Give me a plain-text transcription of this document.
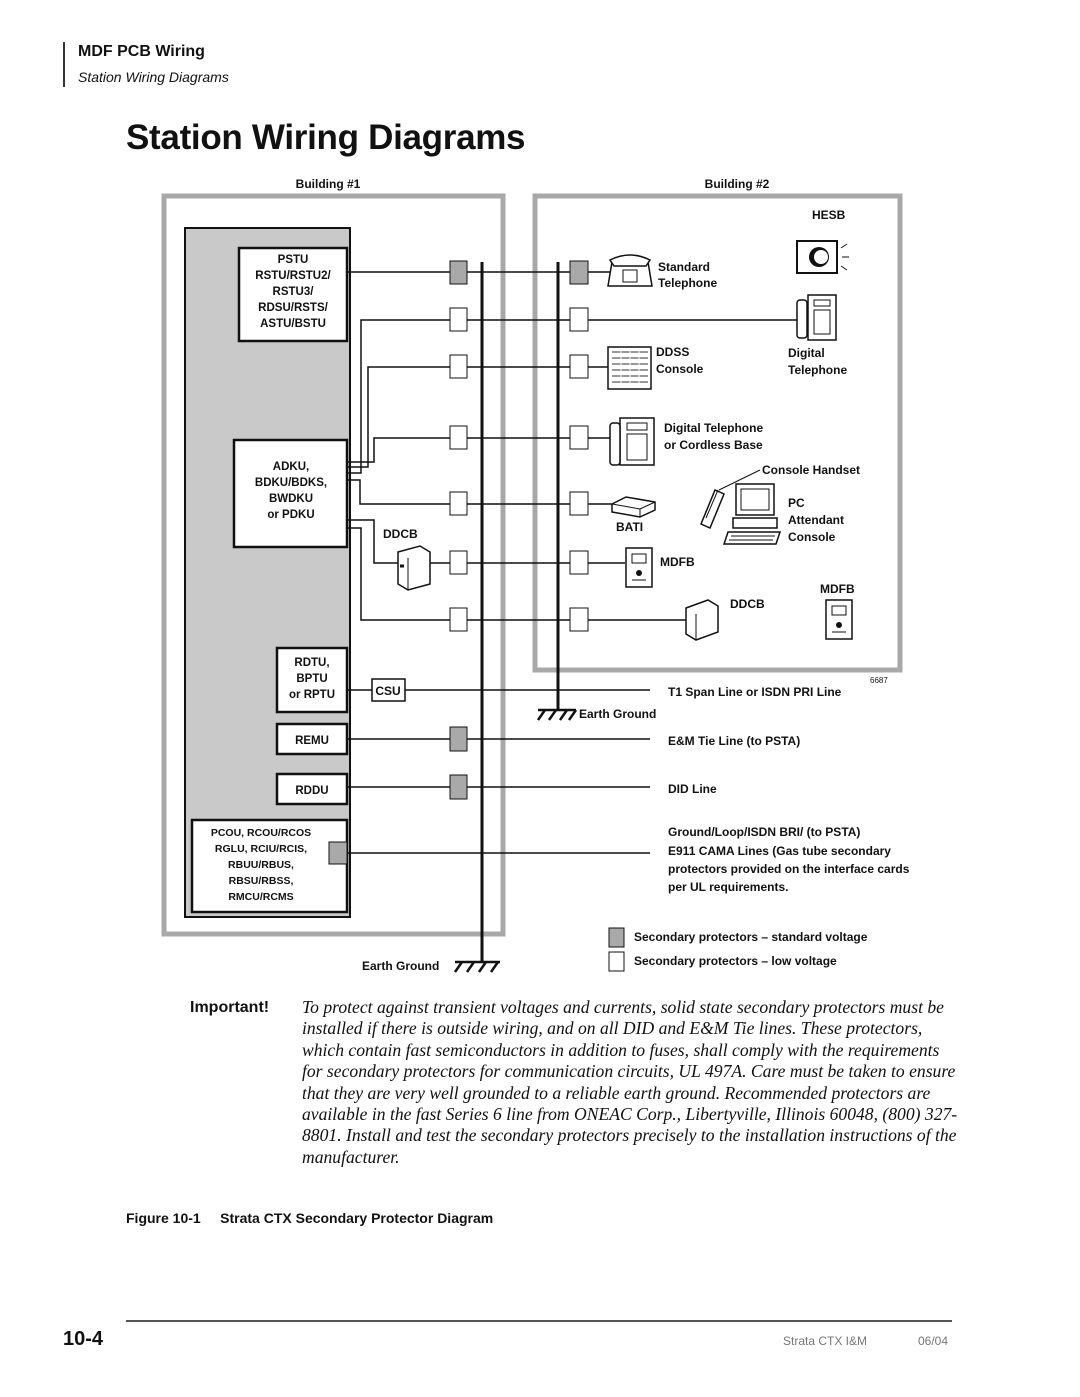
MDF PCB Wiring
Station Wiring Diagrams
Station Wiring Diagrams
Building #1	Building #2
PSTU
RSTU/RSTU2/
RSTU3/
RDSU/RSTS/
ASTU/BSTU
ADKU,
BDKU/BDKS,
BWDKU
or PDKU
RDTU,
BPTU
or RPTU
REMU
RDDU
PCOU, RCOU/RCOS
RGLU, RCIU/RCIS,
RBUU/RBUS,
RBSU/RBSS,
RMCU/RCMS
DDCB
CSU
Earth Ground
Earth Ground
HESB
Standard
Telephone
DDSS
Console
Digital
Telephone
Digital Telephone
or Cordless Base
Console Handset
PC
Attendant
Console
BATI
MDFB
MDFB
DDCB
6687
T1 Span Line or ISDN PRI Line
E&M Tie Line (to PSTA)
DID Line
Ground/Loop/ISDN BRI/ (to PSTA)
E911 CAMA Lines (Gas tube secondary
protectors provided on the interface cards
per UL requirements.
Secondary protectors – standard voltage
Secondary protectors – low voltage
Important! To protect against transient voltages and currents, solid state secondary protectors must be installed if there is outside wiring, and on all DID and E&M Tie lines. These protectors, which contain fast semiconductors in addition to fuses, shall comply with the requirements for secondary protectors for communication circuits, UL 497A. Care must be taken to ensure that they are very well grounded to a reliable earth ground. Recommended protectors are available in the fast Series 6 line from ONEAC Corp., Libertyville, Illinois 60048, (800) 327-8801. Install and test the secondary protectors precisely to the installation instructions of the manufacturer.
Figure 10-1     Strata CTX Secondary Protector Diagram
10-4	Strata CTX I&M	06/04
